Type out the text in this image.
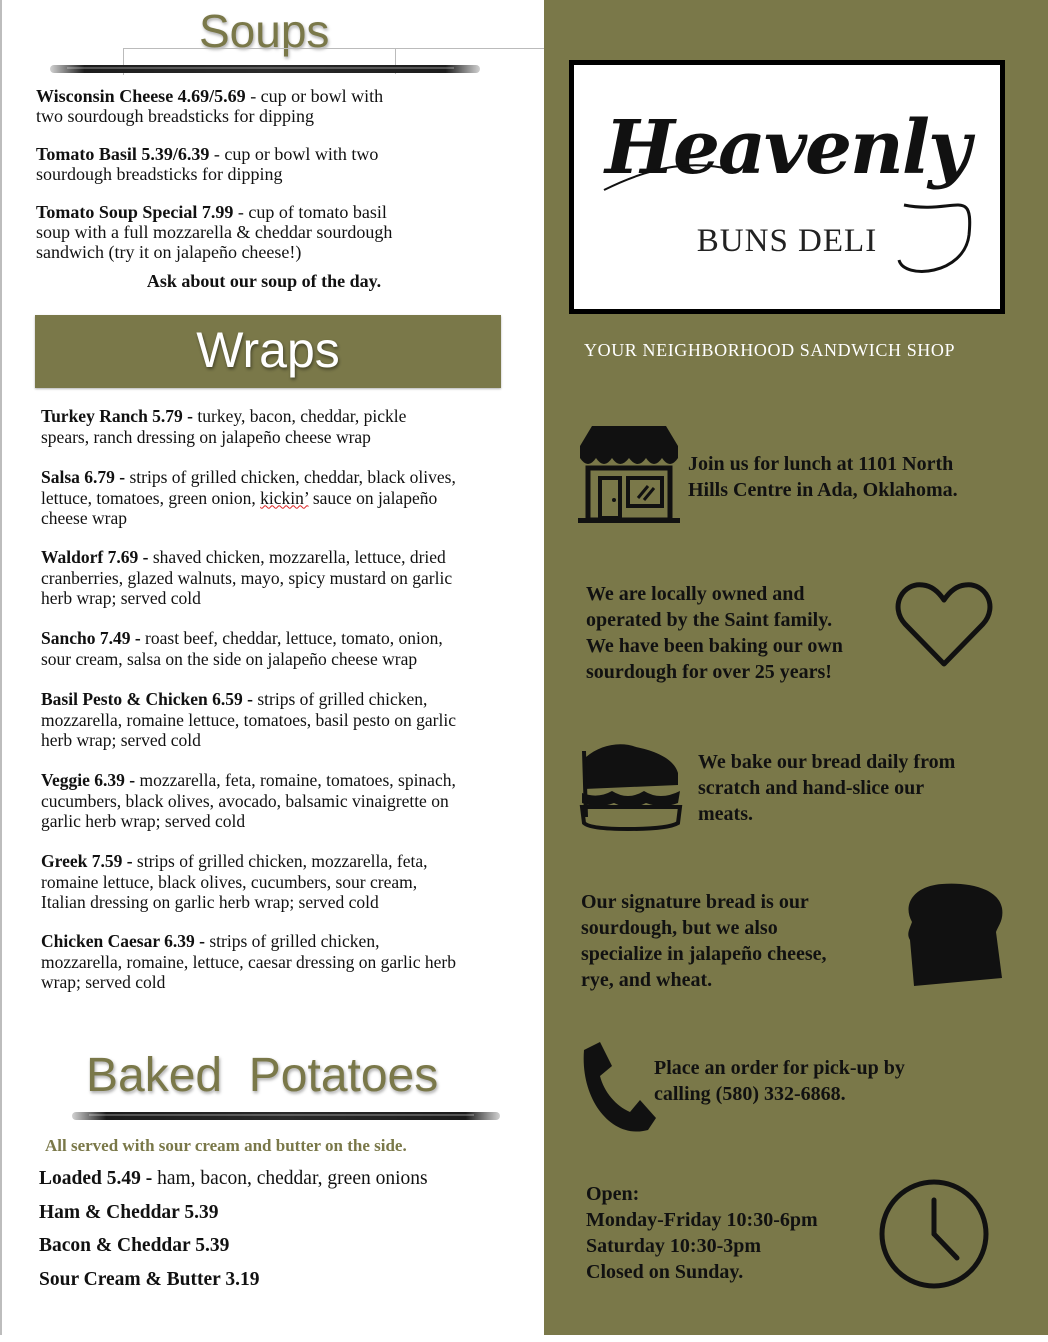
Soups
Wisconsin Cheese 4.69/5.69 - cup or bowl with
two sourdough breadsticks for dipping
Tomato Basil 5.39/6.39 - cup or bowl with two
sourdough breadsticks for dipping
Tomato Soup Special 7.99 - cup of tomato basil
soup with a full mozzarella & cheddar sourdough
sandwich (try it on jalapeño cheese!)
Ask about our soup of the day.
Wraps
Turkey Ranch 5.79 - turkey, bacon, cheddar, pickle
spears, ranch dressing on jalapeño cheese wrap
Salsa 6.79 - strips of grilled chicken, cheddar, black olives,
lettuce, tomatoes, green onion, kickin’ sauce on jalapeño
cheese wrap
Waldorf 7.69 - shaved chicken, mozzarella, lettuce, dried
cranberries, glazed walnuts, mayo, spicy mustard on garlic
herb wrap; served cold
Sancho 7.49 - roast beef, cheddar, lettuce, tomato, onion,
sour cream, salsa on the side on jalapeño cheese wrap
Basil Pesto & Chicken 6.59 - strips of grilled chicken,
mozzarella, romaine lettuce, tomatoes, basil pesto on garlic
herb wrap; served cold
Veggie 6.39 - mozzarella, feta, romaine, tomatoes, spinach,
cucumbers, black olives, avocado, balsamic vinaigrette on
garlic herb wrap; served cold
Greek 7.59 - strips of grilled chicken, mozzarella, feta,
romaine lettuce, black olives, cucumbers, sour cream,
Italian dressing on garlic herb wrap; served cold
Chicken Caesar 6.39 - strips of grilled chicken,
mozzarella, romaine, lettuce, caesar dressing on garlic herb
wrap; served cold
Baked  Potatoes
All served with sour cream and butter on the side.
Loaded 5.49 - ham, bacon, cheddar, green onions
Ham & Cheddar 5.39
Bacon & Cheddar 5.39
Sour Cream & Butter 3.19
Heavenly
BUNS DELI
YOUR NEIGHBORHOOD SANDWICH SHOP
Join us for lunch at 1101 North
Hills Centre in Ada, Oklahoma.
We are locally owned and
operated by the Saint family.
We have been baking our own
sourdough for over 25 years!
We bake our bread daily from
scratch and hand-slice our
meats.
Our signature bread is our
sourdough, but we also
specialize in jalapeño cheese,
rye, and wheat.
Place an order for pick-up by
calling (580) 332-6868.
Open:
Monday-Friday 10:30-6pm
Saturday 10:30-3pm
Closed on Sunday.
